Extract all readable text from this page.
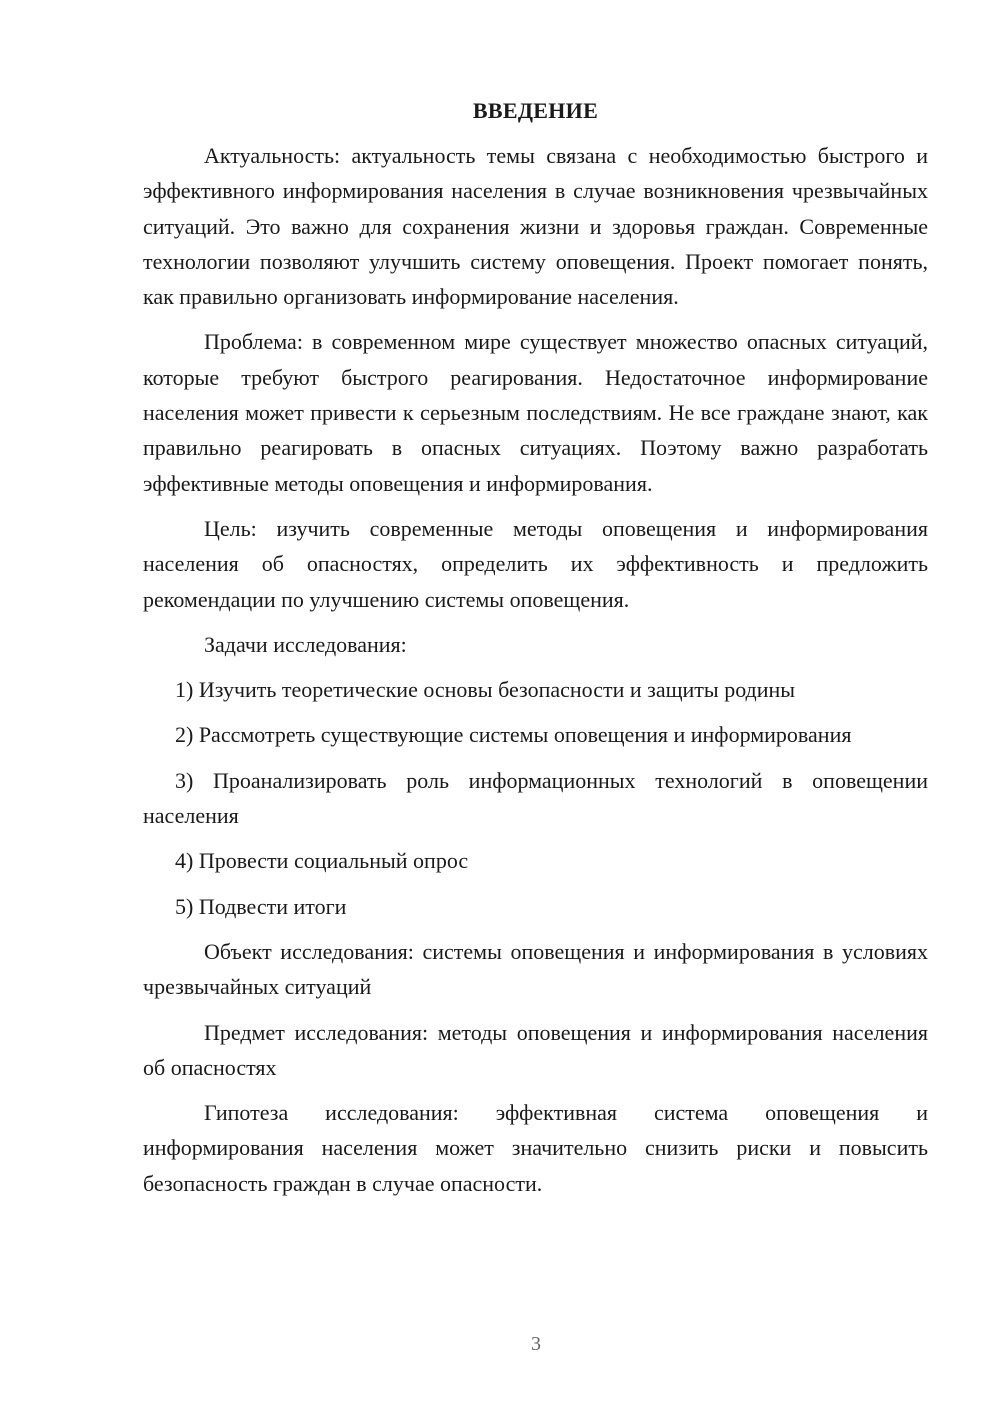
ВВЕДЕНИЕ

Актуальность: актуальность темы связана с необходимостью быстрого и эффективного информирования населения в случае возникновения чрезвычайных ситуаций. Это важно для сохранения жизни и здоровья граждан. Современные технологии позволяют улучшить систему оповещения. Проект помогает понять, как правильно организовать информирование населения.

Проблема: в современном мире существует множество опасных ситуаций, которые требуют быстрого реагирования. Недостаточное информирование населения может привести к серьезным последствиям. Не все граждане знают, как правильно реагировать в опасных ситуациях. Поэтому важно разработать эффективные методы оповещения и информирования.

Цель: изучить современные методы оповещения и информирования населения об опасностях, определить их эффективность и предложить рекомендации по улучшению системы оповещения.

Задачи исследования:

1) Изучить теоретические основы безопасности и защиты родины

2) Рассмотреть существующие системы оповещения и информирования

3) Проанализировать роль информационных технологий в оповещении населения

4) Провести социальный опрос

5) Подвести итоги

Объект исследования: системы оповещения и информирования в условиях чрезвычайных ситуаций

Предмет исследования: методы оповещения и информирования населения об опасностях

Гипотеза исследования: эффективная система оповещения и информирования населения может значительно снизить риски и повысить безопасность граждан в случае опасности.

3
